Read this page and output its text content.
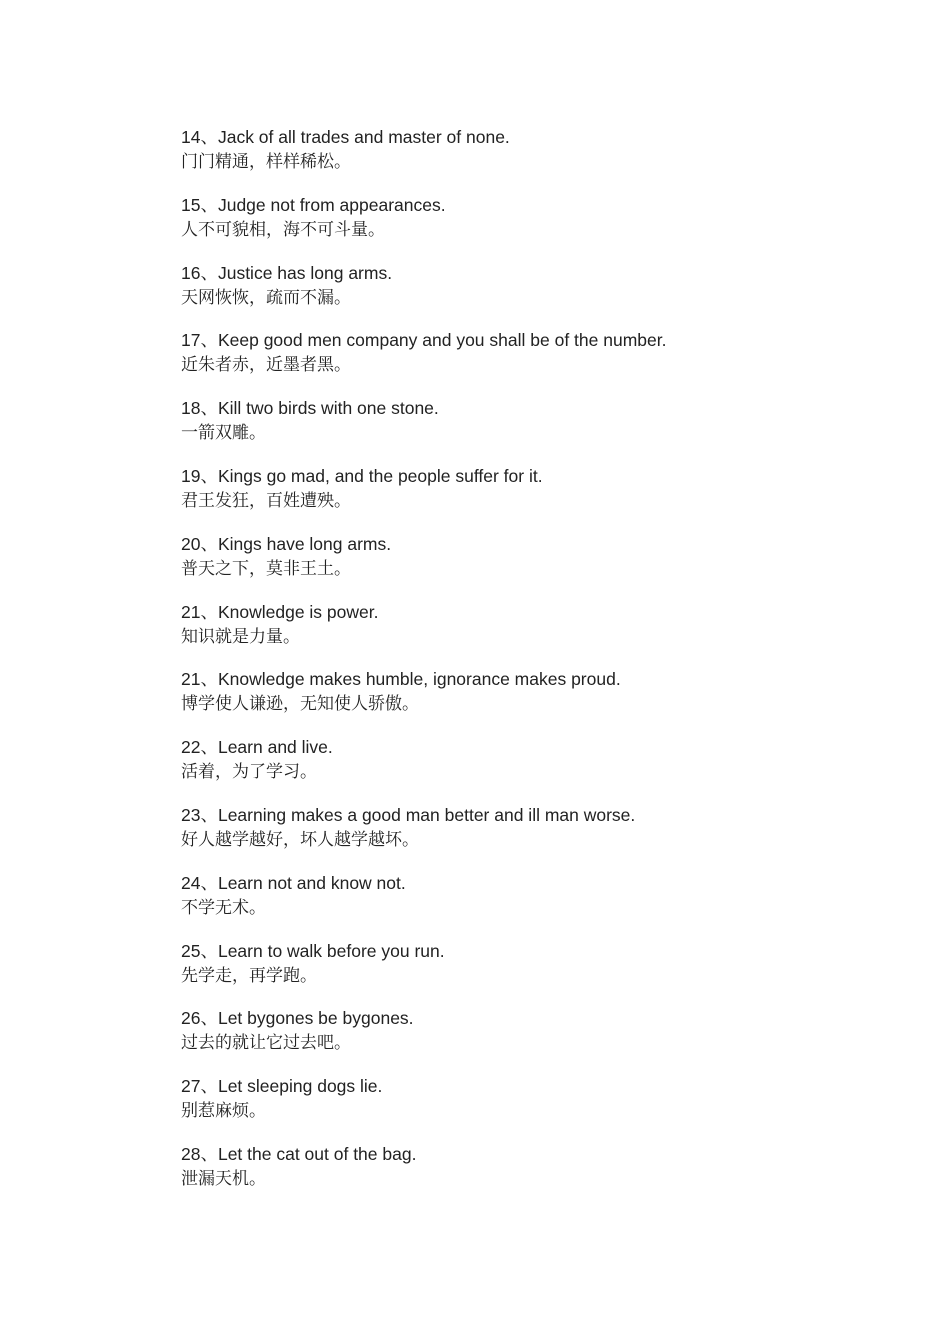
14、Jack of all trades and master of none.
门门精通，样样稀松。
15、Judge not from appearances.
人不可貌相，海不可斗量。
16、Justice has long arms.
天网恢恢，疏而不漏。
17、Keep good men company and you shall be of the number.
近朱者赤，近墨者黑。
18、Kill two birds with one stone.
一箭双雕。
19、Kings go mad, and the people suffer for it.
君王发狂，百姓遭殃。
20、Kings have long arms.
普天之下，莫非王土。
21、Knowledge is power.
知识就是力量。
21、Knowledge makes humble, ignorance makes proud.
博学使人谦逊，无知使人骄傲。
22、Learn and live.
活着，为了学习。
23、Learning makes a good man better and ill man worse.
好人越学越好，坏人越学越坏。
24、Learn not and know not.
不学无术。
25、Learn to walk before you run.
先学走，再学跑。
26、Let bygones be bygones.
过去的就让它过去吧。
27、Let sleeping dogs lie.
别惹麻烦。
28、Let the cat out of the bag.
泄漏天机。
